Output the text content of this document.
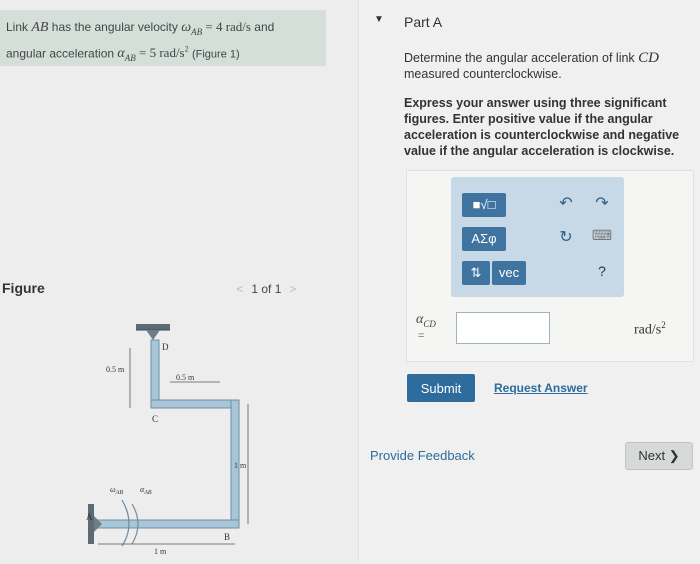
Link AB has the angular velocity $\omega_{AB} = 4$ rad/s and
angular acceleration $\alpha_{AB} = 5$ rad/$s^2$ (Figure 1)
Figure	< 1 of 1 >
D
C
A
B
0.5 m
0.5 m
1 m
1 m
$\omega_{AB}$ $\alpha_{AB}$
▼ Part A
Determine the angular acceleration of link CD
measured counterclockwise.
Express your answer using three significant figures. Enter positive value if the angular acceleration is counterclockwise and negative value if the angular acceleration is clockwise.
■√□	↶ ↷
ΑΣφ	↻	⌨
⇅	vec	?
$\alpha_{CD}$
=	rad/$s^2$
Submit	Request Answer
Provide Feedback	Next ❯
